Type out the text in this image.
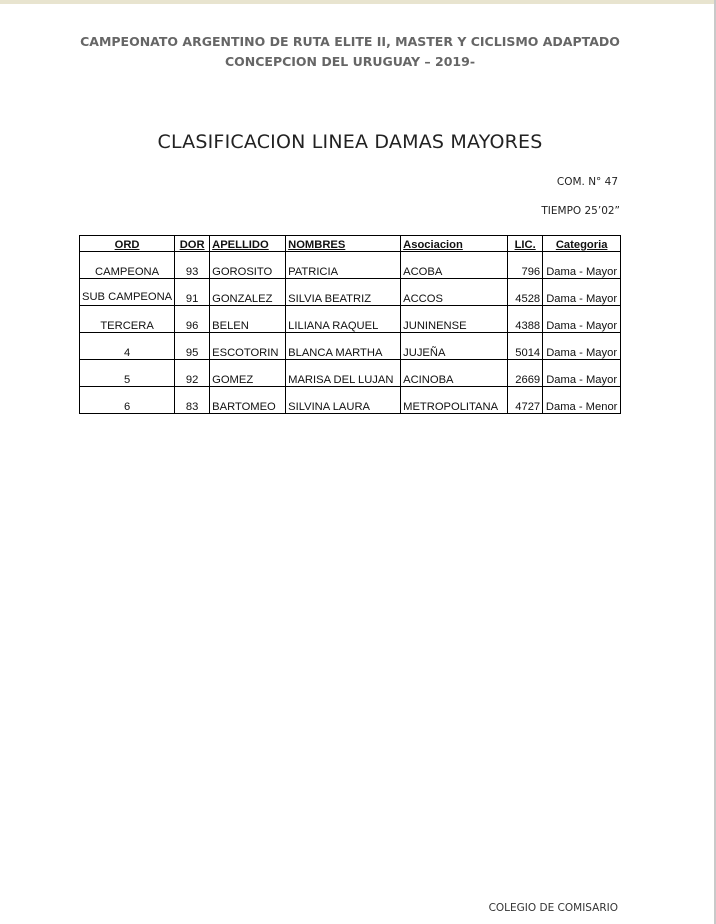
CAMPEONATO ARGENTINO DE RUTA ELITE II, MASTER Y CICLISMO ADAPTADO
CONCEPCION DEL URUGUAY – 2019-
CLASIFICACION LINEA DAMAS MAYORES
COM. N° 47
TIEMPO 25’02”
ORD	DOR	APELLIDO	NOMBRES	Asociacion	LIC.	Categoria
CAMPEONA	93	GOROSITO	PATRICIA	ACOBA	796	Dama - Mayor
SUB CAMPEONA	91	GONZALEZ	SILVIA BEATRIZ	ACCOS	4528	Dama - Mayor
TERCERA	96	BELEN	LILIANA RAQUEL	JUNINENSE	4388	Dama - Mayor
4	95	ESCOTORIN	BLANCA MARTHA	JUJEÑA	5014	Dama - Mayor
5	92	GOMEZ	MARISA DEL LUJAN	ACINOBA	2669	Dama - Mayor
6	83	BARTOMEO	SILVINA LAURA	METROPOLITANA	4727	Dama - Menor
COLEGIO DE COMISARIO
